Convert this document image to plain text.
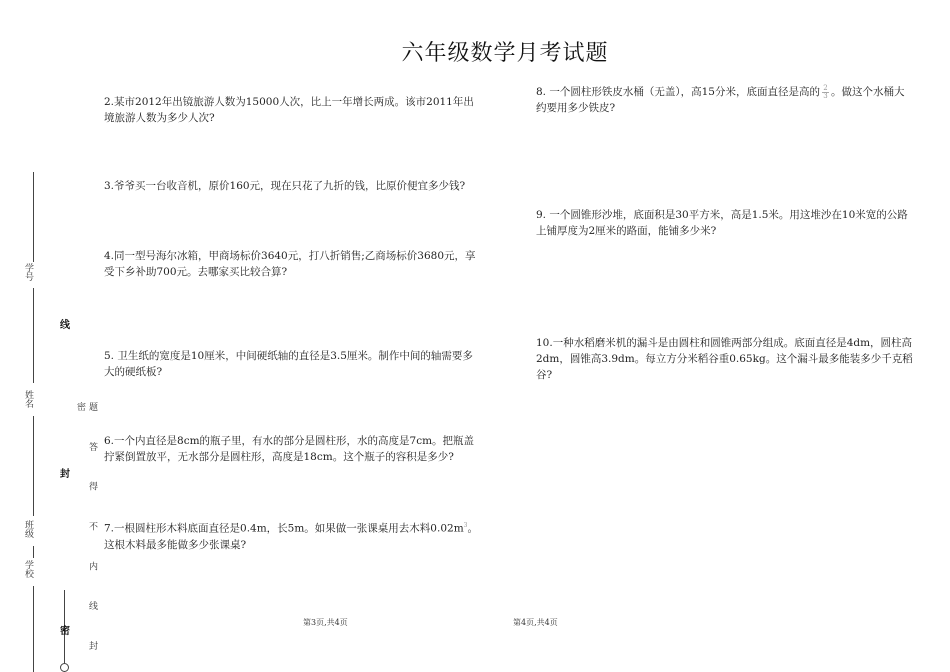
六年级数学月考试题
2.某市2012年出镜旅游人数为15000人次，比上一年增长两成。该市2011年出境旅游人数为多少人次?
3.爷爷买一台收音机，原价160元，现在只花了九折的钱，比原价便宜多少钱?
4.同一型号海尔冰箱，甲商场标价3640元，打八折销售;乙商场标价3680元，享受下乡补助700元。去哪家买比较合算?
5. 卫生纸的宽度是10厘米，中间硬纸轴的直径是3.5厘米。制作中间的轴需要多大的硬纸板?
6.一个内直径是8cm的瓶子里，有水的部分是圆柱形，水的高度是7cm。把瓶盖拧紧倒置放平，无水部分是圆柱形，高度是18cm。这个瓶子的容积是多少?
7.一根圆柱形木料底面直径是0.4m，长5m。如果做一张课桌用去木料$0.02m^3$。这根木料最多能做多少张课桌?
8. 一个圆柱形铁皮水桶（无盖），高15分米，底面直径是高的 $\frac{2}{3}$ 。做这个水桶大约要用多少铁皮?
9. 一个圆锥形沙堆，底面积是30平方米，高是1.5米。用这堆沙在10米宽的公路上铺厚度为2厘米的路面，能铺多少米?
10.一种水稻磨米机的漏斗是由圆柱和圆锥两部分组成。底面直径是4dm，圆柱高2dm，圆锥高3.9dm。每立方分米稻谷重0.65kg。这个漏斗最多能装多少千克稻谷?
第3页,共4页	第4页,共4页
学号
姓名
班级
学校
线
封
密	题 答 得 不 内 线 封 密
